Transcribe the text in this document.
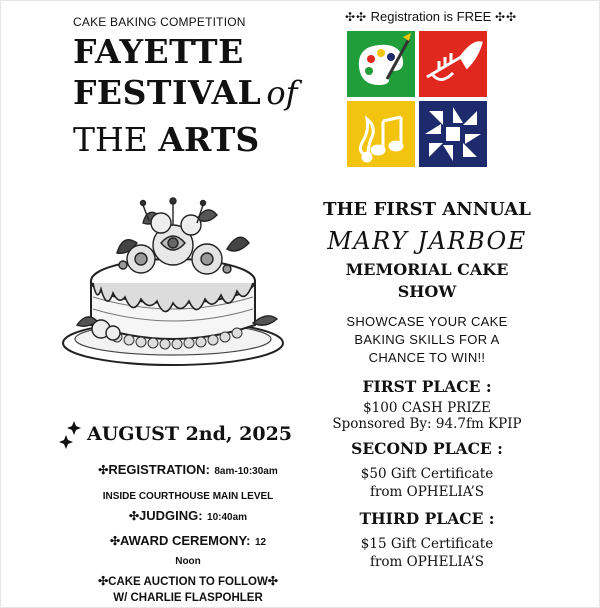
CAKE BAKING COMPETITION
FAYETTE
FESTIVAL of
THE ARTS
AUGUST 2nd, 2025
✣REGISTRATION: 8am-10:30am
INSIDE COURTHOUSE MAIN LEVEL
✣JUDGING: 10:40am
✣AWARD CEREMONY: 12
Noon
✣CAKE AUCTION TO FOLLOW✣
W/ CHARLIE FLASPOHLER
✣✣ Registration is FREE ✣✣
THE FIRST ANNUAL
MARY JARBOE
MEMORIAL CAKE
SHOW
SHOWCASE YOUR CAKE
BAKING SKILLS FOR A
CHANCE TO WIN!!
FIRST PLACE :
$100 CASH PRIZE
Sponsored By: 94.7fm KPIP
SECOND PLACE :
$50 Gift Certificate
from OPHELIA’S
THIRD PLACE :
$15 Gift Certificate
from OPHELIA’S
